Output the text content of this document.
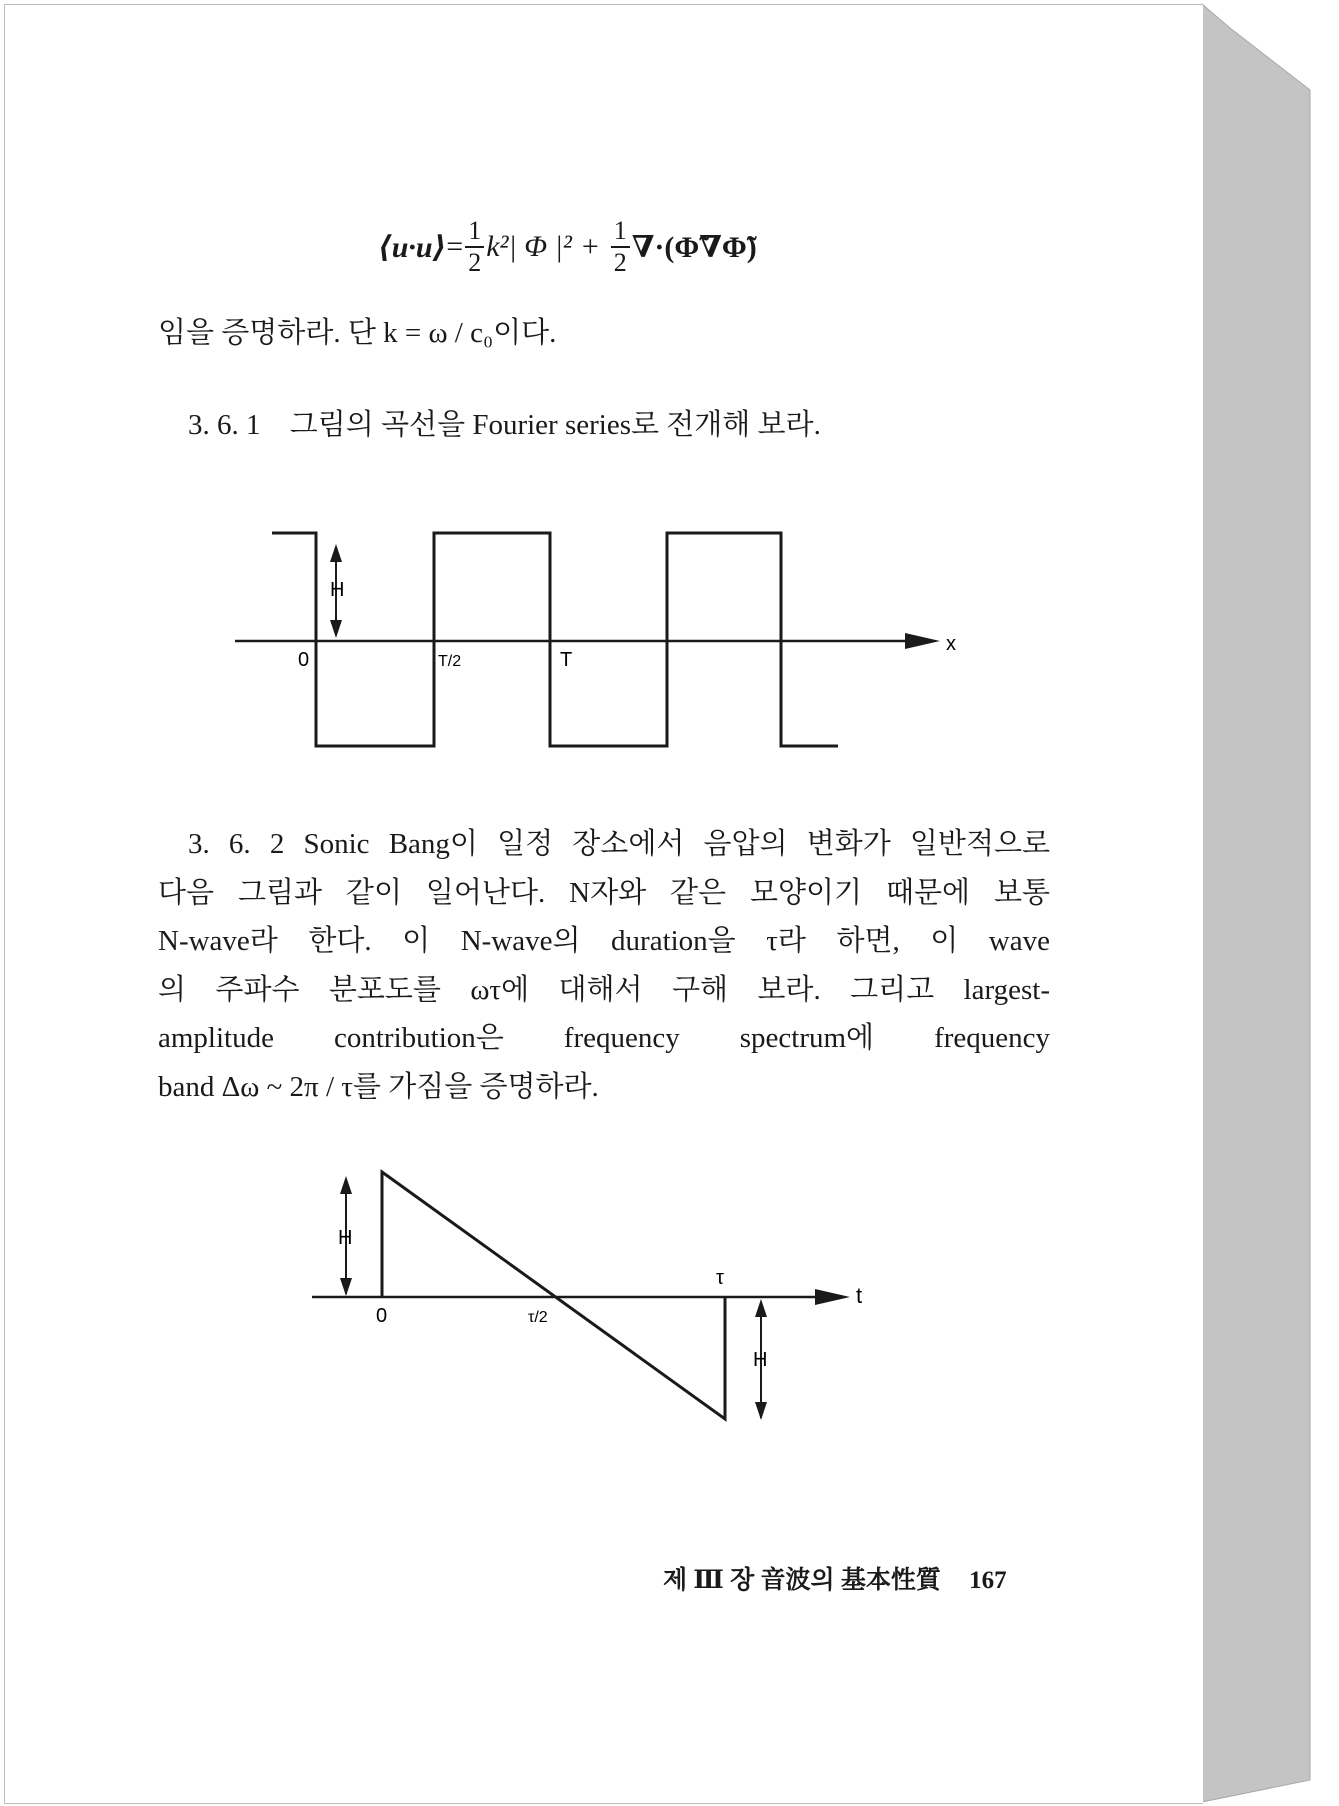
⟨u·u⟩ = $\frac{1}{2} k^2|$ Φ $|^2 + \frac{1}{2}$ ∇·(Φ̃∇Φ̃)
임을 증명하라. 단 k = ω / c₀이다.
3. 6. 1 그림의 곡선을 Fourier series로 전개해 보라.
H
0	T/2	T
x
3. 6. 2 Sonic Bang이 일정 장소에서 음압의 변화가 일반적으로
다음 그림과 같이 일어난다. N자와 같은 모양이기 때문에 보통
N-wave라 한다. 이 N-wave의 duration을 τ라 하면, 이 wave
의 주파수 분포도를 ωτ에 대해서 구해 보라. 그리고 largest-
amplitude contribution은 frequency spectrum에 frequency
band Δω ~ 2π / τ를 가짐을 증명하라.
H
0	τ/2
τ
t
H
제 Ⅲ 장 音波의 基本性質 167
